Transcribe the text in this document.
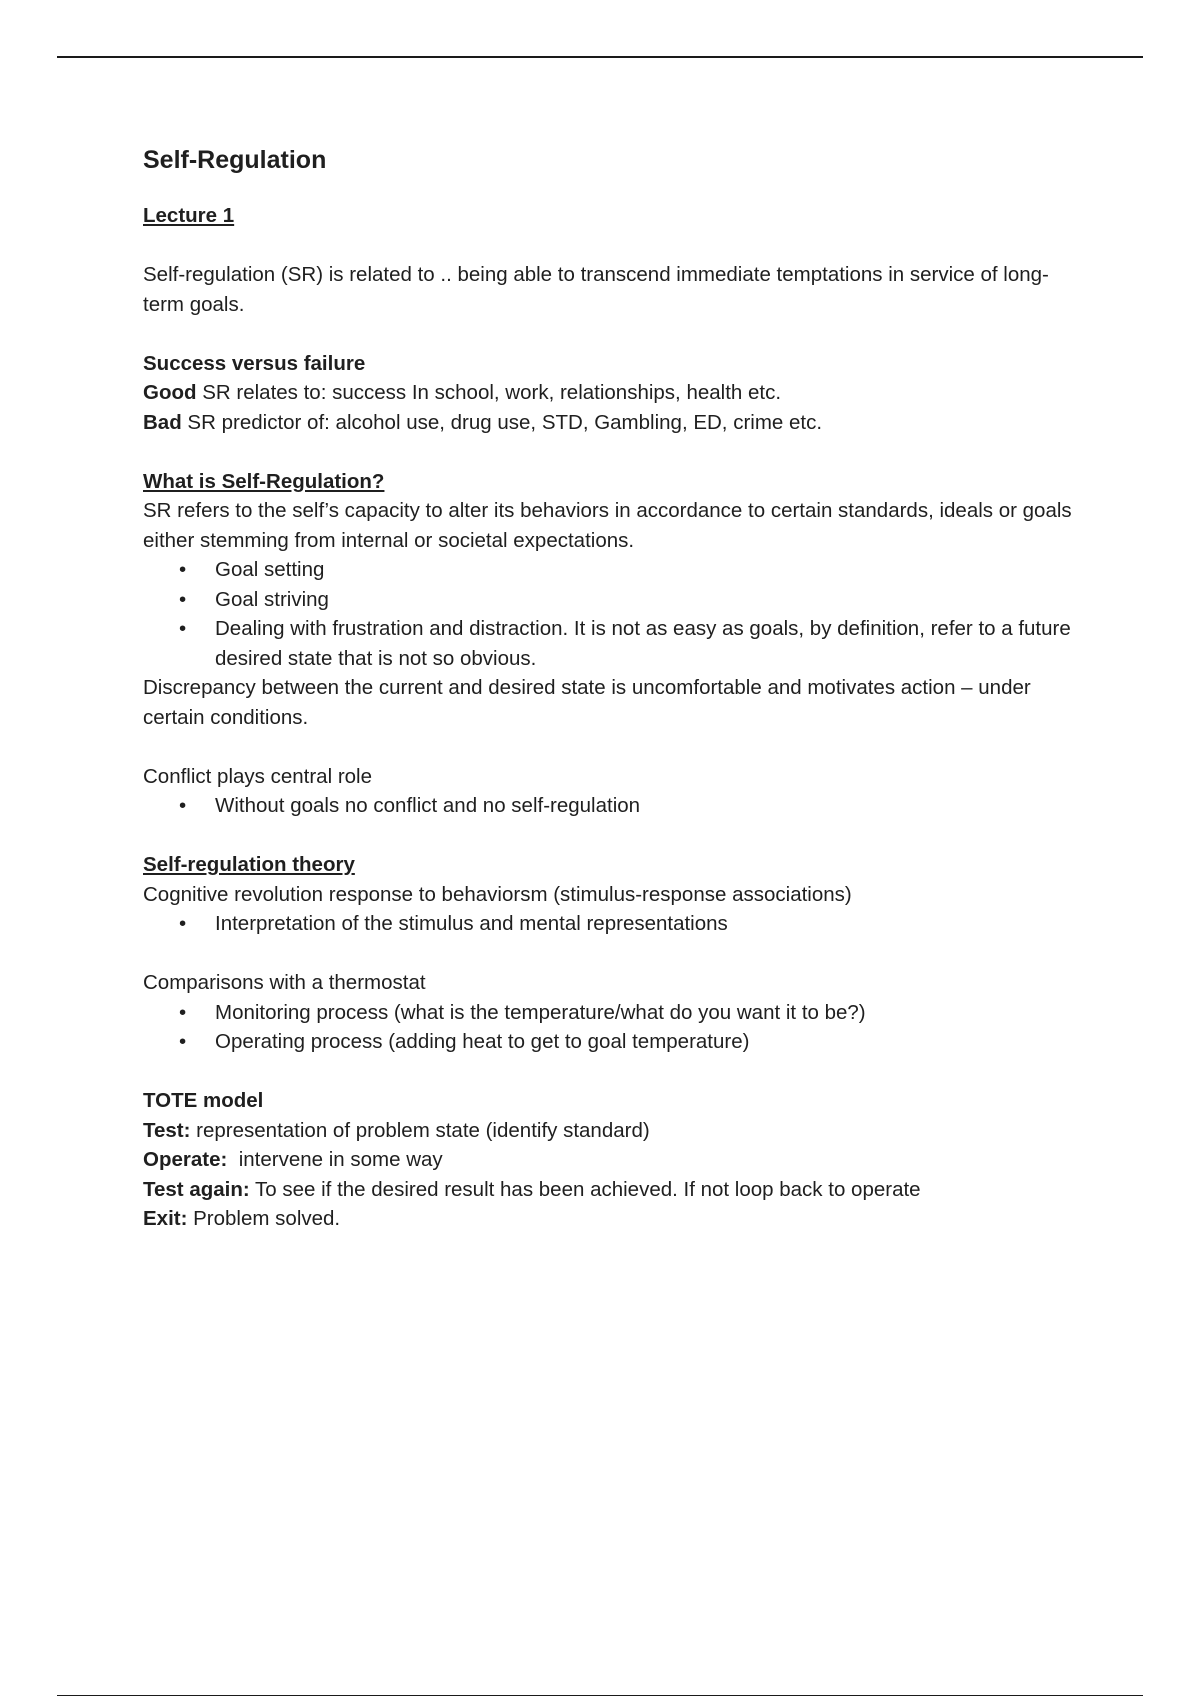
Self-Regulation

Lecture 1

Self-regulation (SR) is related to .. being able to transcend immediate temptations in service of long-term goals.

Success versus failure

Good SR relates to: success In school, work, relationships, health etc.

Bad SR predictor of: alcohol use, drug use, STD, Gambling, ED, crime etc.

What is Self-Regulation?

SR refers to the self’s capacity to alter its behaviors in accordance to certain standards, ideals or goals either stemming from internal or societal expectations.

• Goal setting
• Goal striving
• Dealing with frustration and distraction. It is not as easy as goals, by definition, refer to a future desired state that is not so obvious.

Discrepancy between the current and desired state is uncomfortable and motivates action – under certain conditions.

Conflict plays central role

• Without goals no conflict and no self-regulation

Self-regulation theory

Cognitive revolution response to behaviorsm (stimulus-response associations)

• Interpretation of the stimulus and mental representations

Comparisons with a thermostat

• Monitoring process (what is the temperature/what do you want it to be?)
• Operating process (adding heat to get to goal temperature)

TOTE model

Test: representation of problem state (identify standard)

Operate:  intervene in some way

Test again: To see if the desired result has been achieved. If not loop back to operate

Exit: Problem solved.
